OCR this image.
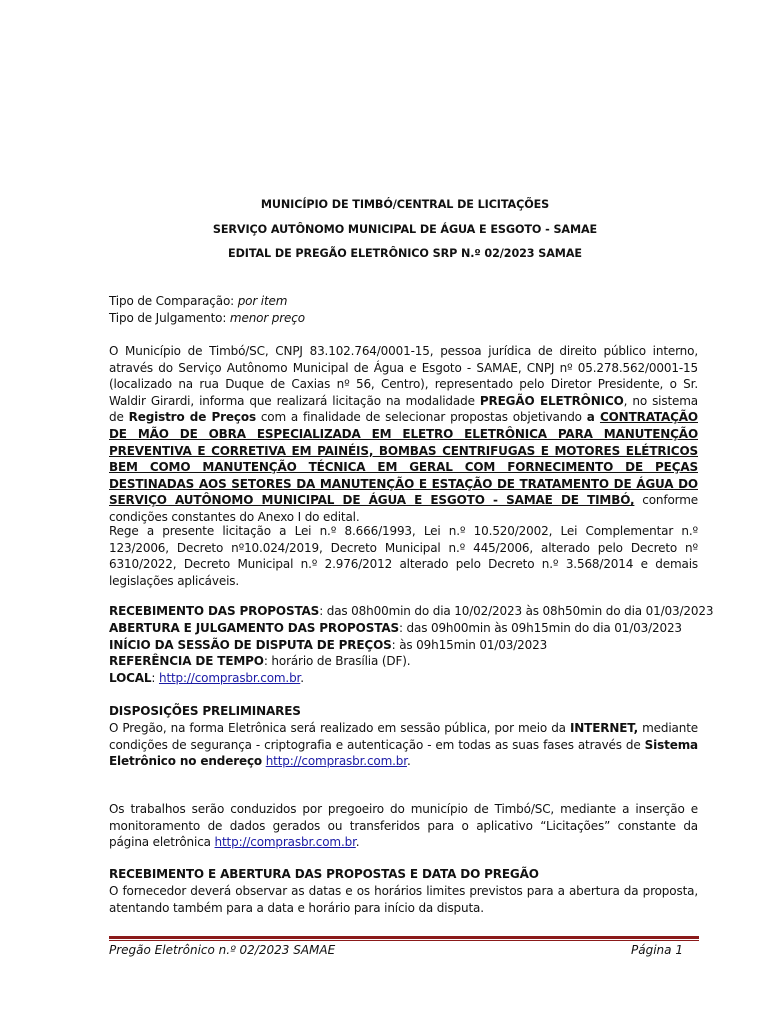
MUNICÍPIO DE TIMBÓ/CENTRAL DE LICITAÇÕES
SERVIÇO AUTÔNOMO MUNICIPAL DE ÁGUA E ESGOTO - SAMAE
EDITAL DE PREGÃO ELETRÔNICO SRP N.º 02/2023 SAMAE
Tipo de Comparação: por item
Tipo de Julgamento: menor preço
O Município de Timbó/SC, CNPJ 83.102.764/0001-15, pessoa jurídica de direito público interno, através do Serviço Autônomo Municipal de Água e Esgoto - SAMAE, CNPJ nº 05.278.562/0001-15 (localizado na rua Duque de Caxias nº 56, Centro), representado pelo Diretor Presidente, o Sr. Waldir Girardi, informa que realizará licitação na modalidade PREGÃO ELETRÔNICO, no sistema de Registro de Preços com a finalidade de selecionar propostas objetivando a CONTRATAÇÃO DE MÃO DE OBRA ESPECIALIZADA EM ELETRO ELETRÔNICA PARA MANUTENÇÃO PREVENTIVA E CORRETIVA EM PAINÉIS, BOMBAS CENTRIFUGAS E MOTORES ELÉTRICOS BEM COMO MANUTENÇÃO TÉCNICA EM GERAL COM FORNECIMENTO DE PEÇAS DESTINADAS AOS SETORES DA MANUTENÇÃO E ESTAÇÃO DE TRATAMENTO DE ÁGUA DO SERVIÇO AUTÔNOMO MUNICIPAL DE ÁGUA E ESGOTO - SAMAE DE TIMBÓ, conforme condições constantes do Anexo I do edital.
Rege a presente licitação a Lei n.º 8.666/1993, Lei n.º 10.520/2002, Lei Complementar n.º 123/2006, Decreto nº10.024/2019, Decreto Municipal n.º 445/2006, alterado pelo Decreto nº 6310/2022, Decreto Municipal n.º 2.976/2012 alterado pelo Decreto n.º 3.568/2014 e demais legislações aplicáveis.
RECEBIMENTO DAS PROPOSTAS: das 08h00min do dia 10/02/2023 às 08h50min do dia 01/03/2023
ABERTURA E JULGAMENTO DAS PROPOSTAS: das 09h00min às 09h15min do dia 01/03/2023
INÍCIO DA SESSÃO DE DISPUTA DE PREÇOS: às 09h15min 01/03/2023
REFERÊNCIA DE TEMPO: horário de Brasília (DF).
LOCAL: http://comprasbr.com.br.
DISPOSIÇÕES PRELIMINARES
O Pregão, na forma Eletrônica será realizado em sessão pública, por meio da INTERNET, mediante condições de segurança - criptografia e autenticação - em todas as suas fases através de Sistema Eletrônico no endereço http://comprasbr.com.br.
Os trabalhos serão conduzidos por pregoeiro do município de Timbó/SC, mediante a inserção e monitoramento de dados gerados ou transferidos para o aplicativo “Licitações” constante da página eletrônica http://comprasbr.com.br.
RECEBIMENTO E ABERTURA DAS PROPOSTAS E DATA DO PREGÃO
O fornecedor deverá observar as datas e os horários limites previstos para a abertura da proposta, atentando também para a data e horário para início da disputa.
Pregão Eletrônico n.º 02/2023 SAMAE	Página 1
